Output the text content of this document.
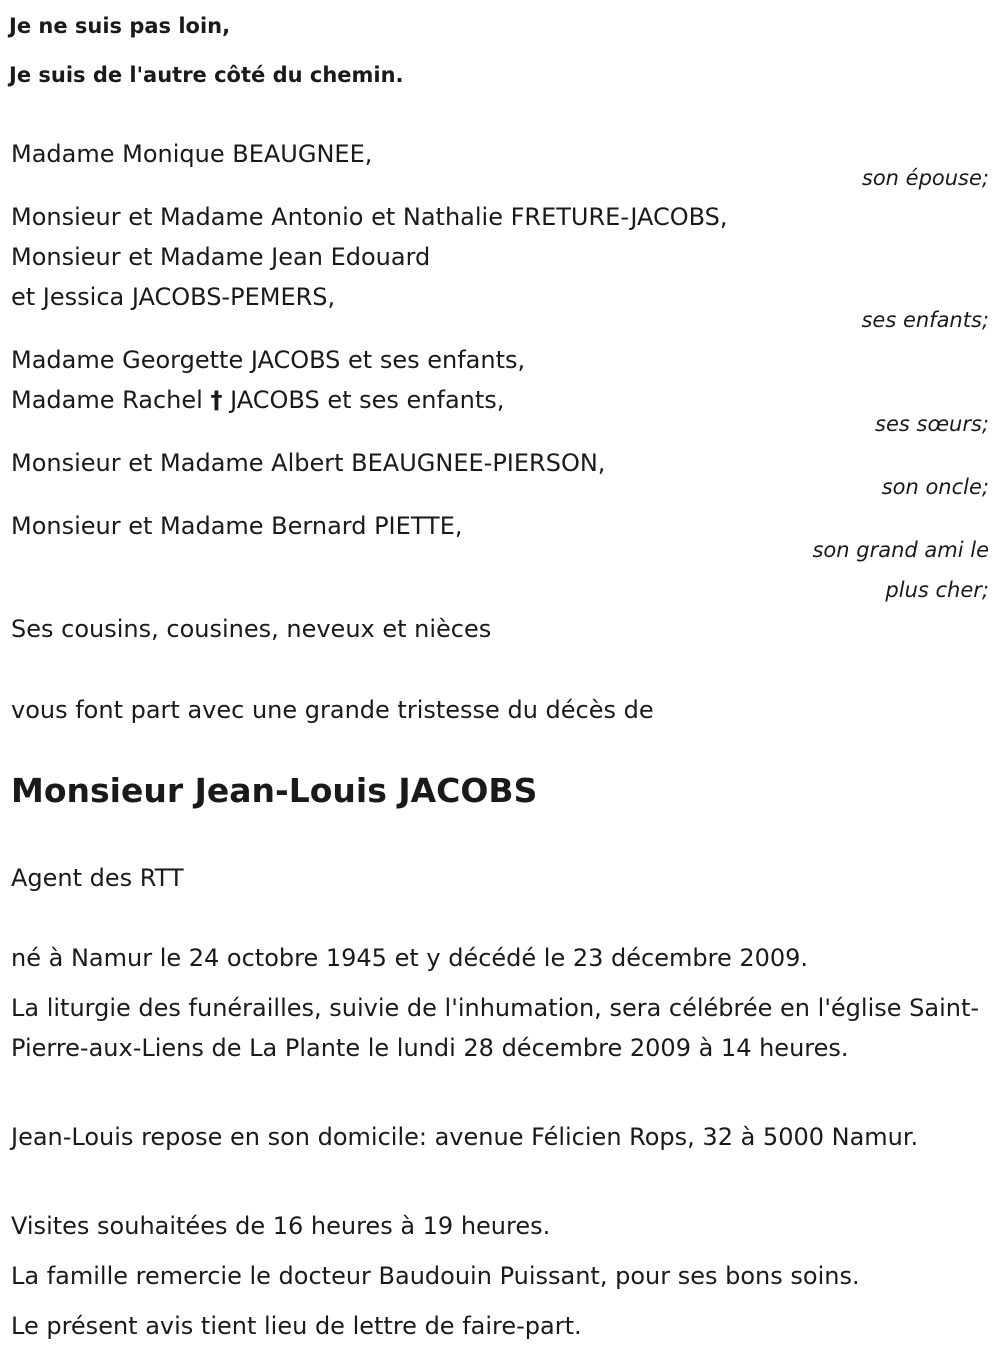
Je ne suis pas loin,

Je suis de l'autre côté du chemin.

Madame Monique BEAUGNEE,

son épouse;

Monsieur et Madame Antonio et Nathalie FRETURE-JACOBS,

Monsieur et Madame Jean Edouard

et Jessica JACOBS-PEMERS,

ses enfants;

Madame Georgette JACOBS et ses enfants,

Madame Rachel † JACOBS et ses enfants,

ses sœurs;

Monsieur et Madame Albert BEAUGNEE-PIERSON,

son oncle;

Monsieur et Madame Bernard PIETTE,

son grand ami le

plus cher;

Ses cousins, cousines, neveux et nièces

vous font part avec une grande tristesse du décès de

Monsieur Jean-Louis JACOBS

Agent des RTT

né à Namur le 24 octobre 1945 et y décédé le 23 décembre 2009.

La liturgie des funérailles, suivie de l'inhumation, sera célébrée en l'église Saint-Pierre-aux-Liens de La Plante le lundi 28 décembre 2009 à 14 heures.

Jean-Louis repose en son domicile: avenue Félicien Rops, 32 à 5000 Namur.

Visites souhaitées de 16 heures à 19 heures.

La famille remercie le docteur Baudouin Puissant, pour ses bons soins.

Le présent avis tient lieu de lettre de faire-part.
